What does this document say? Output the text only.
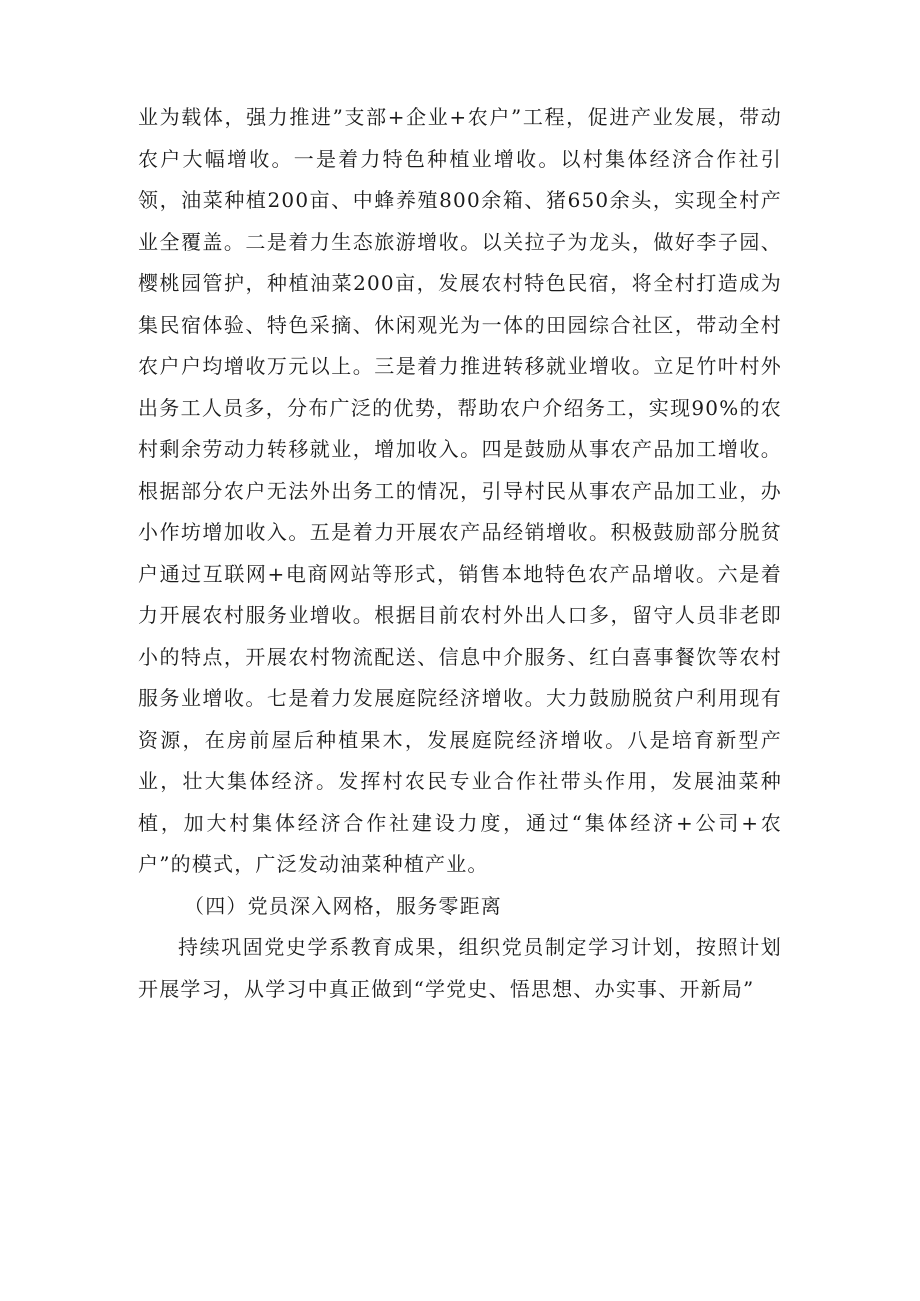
业为载体，强力推进”支部+企业+农户”工程，促进产业发展，带动农户大幅增收。一是着力特色种植业增收。以村集体经济合作社引领，油菜种植200亩、中蜂养殖800余箱、猪650余头，实现全村产业全覆盖。二是着力生态旅游增收。以关拉子为龙头，做好李子园、樱桃园管护，种植油菜200亩，发展农村特色民宿，将全村打造成为集民宿体验、特色采摘、休闲观光为一体的田园综合社区，带动全村农户户均增收万元以上。三是着力推进转移就业增收。立足竹叶村外出务工人员多，分布广泛的优势，帮助农户介绍务工，实现90%的农村剩余劳动力转移就业，增加收入。四是鼓励从事农产品加工增收。根据部分农户无法外出务工的情况，引导村民从事农产品加工业，办小作坊增加收入。五是着力开展农产品经销增收。积极鼓励部分脱贫户通过互联网+电商网站等形式，销售本地特色农产品增收。六是着力开展农村服务业增收。根据目前农村外出人口多，留守人员非老即小的特点，开展农村物流配送、信息中介服务、红白喜事餐饮等农村服务业增收。七是着力发展庭院经济增收。大力鼓励脱贫户利用现有资源，在房前屋后种植果木，发展庭院经济增收。八是培育新型产业，壮大集体经济。发挥村农民专业合作社带头作用，发展油菜种植，加大村集体经济合作社建设力度，通过“集体经济+公司+农户”的模式，广泛发动油菜种植产业。

（四）党员深入网格，服务零距离

持续巩固党史学系教育成果，组织党员制定学习计划，按照计划开展学习，从学习中真正做到“学党史、悟思想、办实事、开新局”
